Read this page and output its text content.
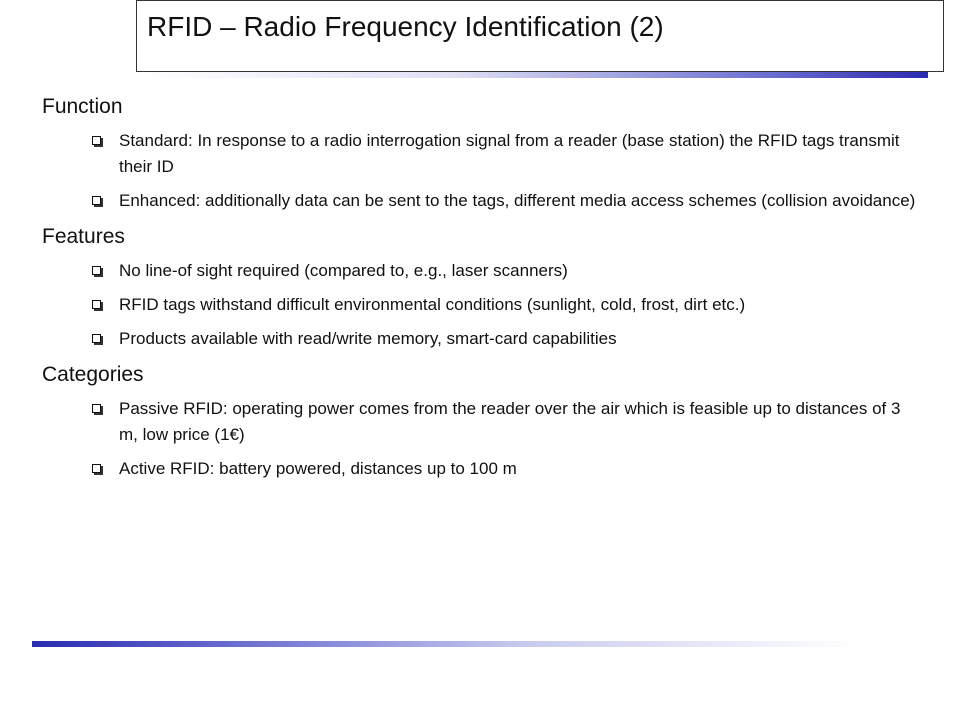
RFID – Radio Frequency Identification (2)
Function
Standard: In response to a radio interrogation signal from a reader (base station) the RFID tags transmit their ID
Enhanced: additionally data can be sent to the tags, different media access schemes (collision avoidance)
Features
No line-of sight required (compared to, e.g., laser scanners)
RFID tags withstand difficult environmental conditions (sunlight, cold, frost, dirt etc.)
Products available with read/write memory, smart-card capabilities
Categories
Passive RFID: operating power comes from the reader over the air which is feasible up to distances of 3 m, low price (1€)
Active RFID: battery powered, distances up to 100 m
